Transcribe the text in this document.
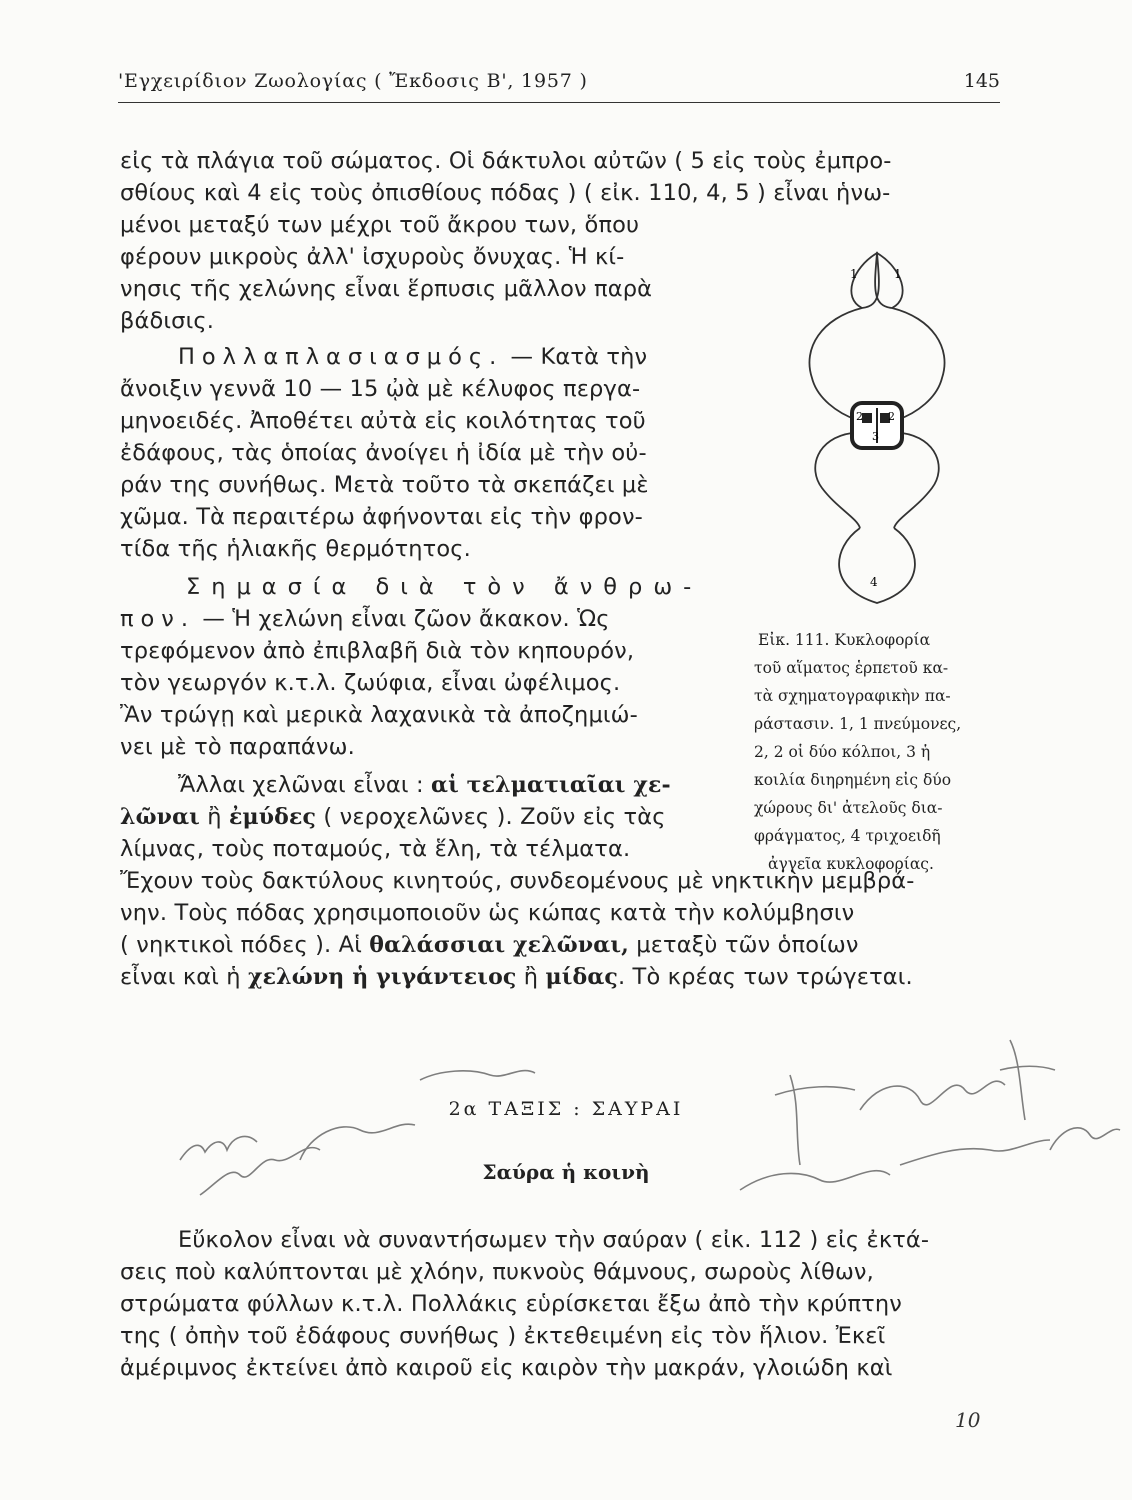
'Εγχειρίδιον Ζωολογίας ( Ἔκδοσις Β', 1957 )	145
εἰς τὰ πλάγια τοῦ σώματος. Οἱ δάκτυλοι αὐτῶν ( 5 εἰς τοὺς ἐμπρο-
σθίους καὶ 4 εἰς τοὺς ὀπισθίους πόδας ) ( εἰκ. 110, 4, 5 ) εἶναι ἡνω-
μένοι μεταξύ των μέχρι τοῦ ἄκρου των, ὅπου
φέρουν μικροὺς ἀλλ' ἰσχυροὺς ὄνυχας. Ἡ κί-
νησις τῆς χελώνης εἶναι ἕρπυσις μᾶλλον παρὰ
βάδισις.
Πολλαπλασιασμός. — Κατὰ τὴν
ἄνοιξιν γεννᾶ 10 — 15 ᾠὰ μὲ κέλυφος περγα-
μηνοειδές. Ἀποθέτει αὐτὰ εἰς κοιλότητας τοῦ
ἐδάφους, τὰς ὁποίας ἀνοίγει ἡ ἰδία μὲ τὴν οὐ-
ράν της συνήθως. Μετὰ τοῦτο τὰ σκεπάζει μὲ
χῶμα. Τὰ περαιτέρω ἀφήνονται εἰς τὴν φρον-
τίδα τῆς ἡλιακῆς θερμότητος.
Σημασία διὰ τὸν ἄνθρω-
πον. — Ἡ χελώνη εἶναι ζῶον ἄκακον. Ὡς
τρεφόμενον ἀπὸ ἐπιβλαβῆ διὰ τὸν κηπουρόν,
τὸν γεωργόν κ.τ.λ. ζωύφια, εἶναι ὠφέλιμος.
Ἂν τρώγῃ καὶ μερικὰ λαχανικὰ τὰ ἀποζημιώ-
νει μὲ τὸ παραπάνω.
Ἄλλαι χελῶναι εἶναι : αἱ τελματιαῖαι χε-
λῶναι ἢ ἐμύδες ( νεροχελῶνες ). Ζοῦν εἰς τὰς
λίμνας, τοὺς ποταμούς, τὰ ἕλη, τὰ τέλματα.
Ἔχουν τοὺς δακτύλους κινητούς, συνδεομένους μὲ νηκτικὴν μεμβρά-
νην. Τοὺς πόδας χρησιμοποιοῦν ὡς κώπας κατὰ τὴν κολύμβησιν
( νηκτικοὶ πόδες ). Αἱ θαλάσσιαι χελῶναι, μεταξὺ τῶν ὁποίων
εἶναι καὶ ἡ χελώνη ἡ γιγάντειος ἢ μίδας. Τὸ κρέας των τρώγεται.
1	1
2 2
3
4
Εἰκ. 111. Κυκλοφορία
τοῦ αἵματος ἑρπετοῦ κα-
τὰ σχηματογραφικὴν πα-
ράστασιν. 1, 1 πνεύμονες,
2, 2 οἱ δύο κόλποι, 3 ἡ
κοιλία διηρημένη εἰς δύο
χώρους δι' ἀτελοῦς δια-
φράγματος, 4 τριχοειδῆ
ἀγγεῖα κυκλοφορίας.
2α ΤΑΞΙΣ : ΣΑΥΡΑΙ
Σαύρα ἡ κοινὴ
Εὔκολον εἶναι νὰ συναντήσωμεν τὴν σαύραν ( εἰκ. 112 ) εἰς ἐκτά-
σεις ποὺ καλύπτονται μὲ χλόην, πυκνοὺς θάμνους, σωροὺς λίθων,
στρώματα φύλλων κ.τ.λ. Πολλάκις εὑρίσκεται ἔξω ἀπὸ τὴν κρύπτην
της ( ὀπὴν τοῦ ἐδάφους συνήθως ) ἐκτεθειμένη εἰς τὸν ἥλιον. Ἐκεῖ
ἀμέριμνος ἐκτείνει ἀπὸ καιροῦ εἰς καιρὸν τὴν μακράν, γλοιώδη καὶ
10
